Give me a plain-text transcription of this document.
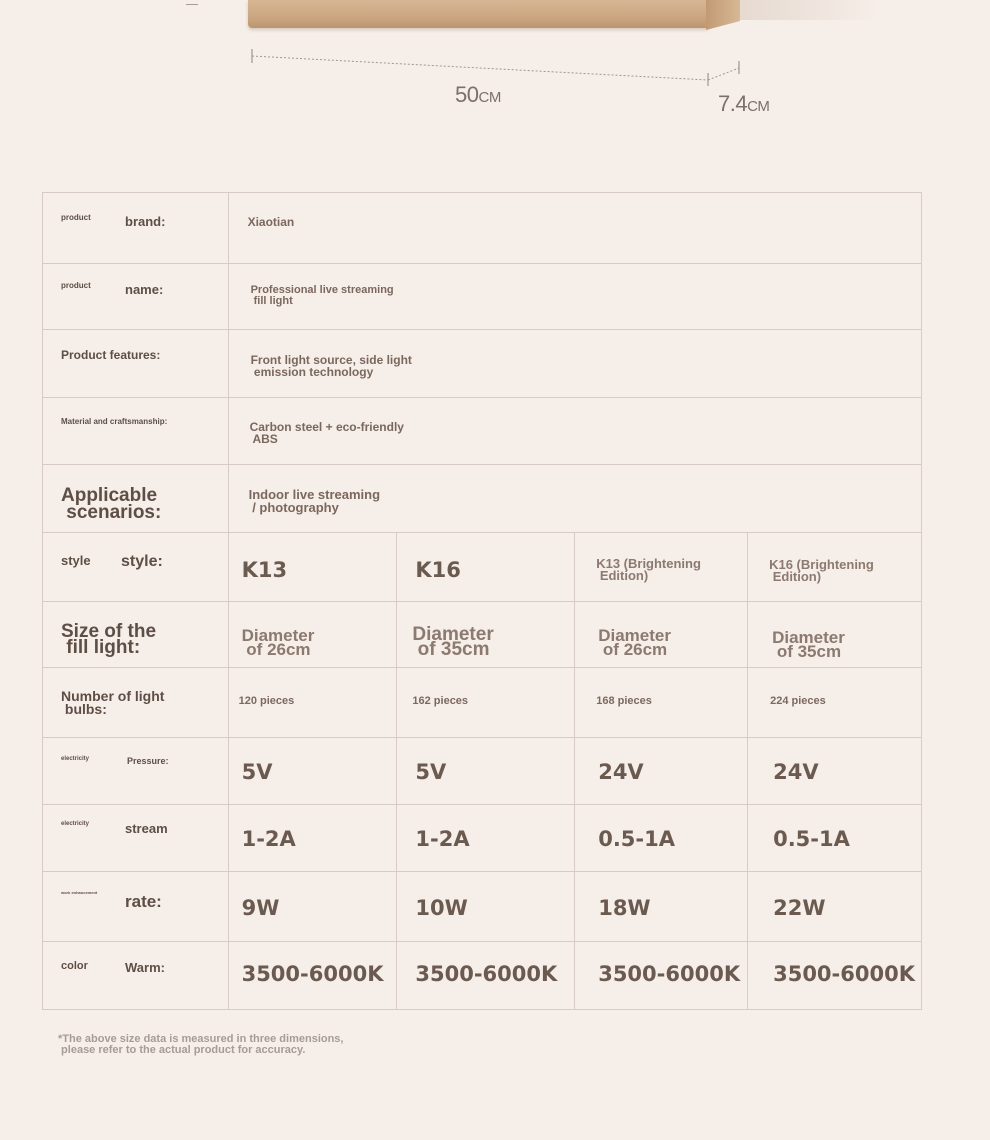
50CM	7.4CM
product brand:	Xiaotian			

product name:	Professional live streaming
fill light			

Product features:	Front light source, side light
emission technology			

Material and craftsmanship:	Carbon steel + eco-friendly
ABS			

Applicable
scenarios:	Indoor live streaming
/ photography			

style style:	K13	K16	K13 (Brightening
Edition)	K16 (Brightening
Edition)

Size of the
fill light:	Diameter
of 26cm	Diameter
of 35cm	Diameter
of 26cm	Diameter
of 35cm

Number of light
bulbs:	120 pieces	162 pieces	168 pieces	224 pieces

electricity Pressure:	5V	5V	24V	24V

electricity stream	1-2A	1-2A	0.5-1A	0.5-1A

work enhancement rate:	9W	10W	18W	22W

color Warm:	3500-6000K	3500-6000K	3500-6000K	3500-6000K
*The above size data is measured in three dimensions,
please refer to the actual product for accuracy.
